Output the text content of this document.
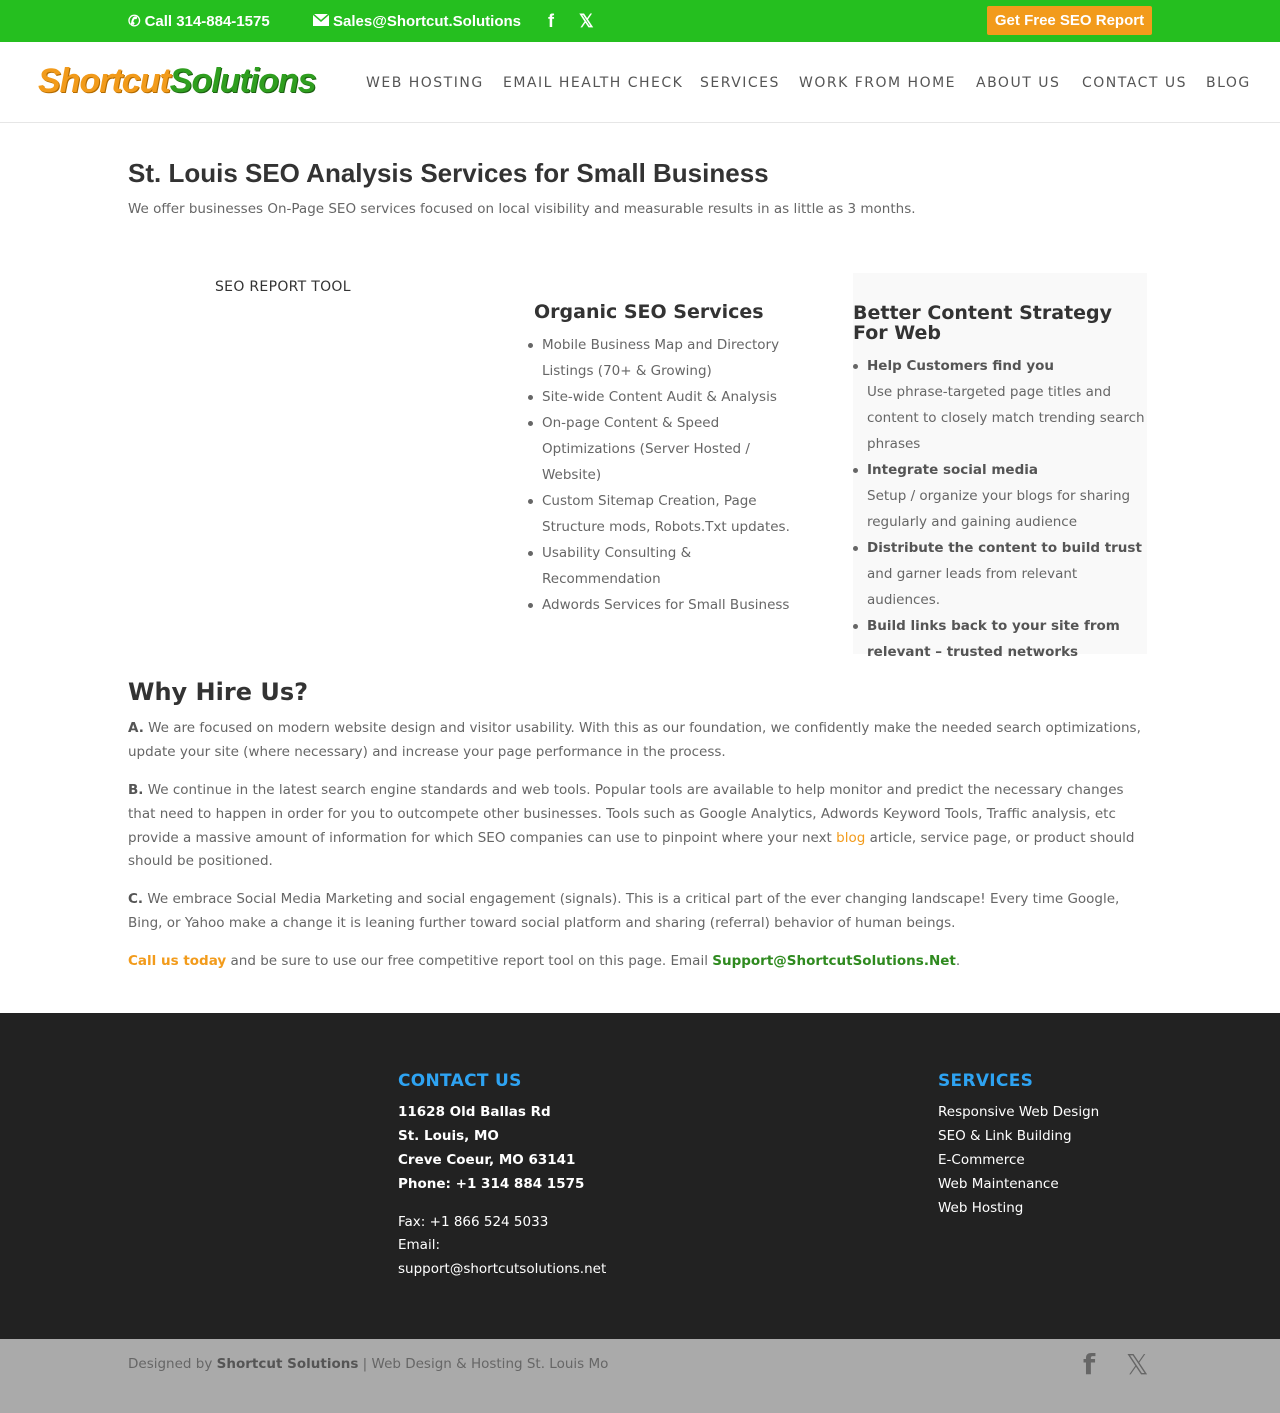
✆ Call 314-884-1575	Sales@Shortcut.Solutions f 𝕏	Get Free SEO Report
ShortcutSolutions	WEB HOSTING EMAIL HEALTH CHECK SERVICES WORK FROM HOME ABOUT US CONTACT US BLOG
St. Louis SEO Analysis Services for Small Business

We offer businesses On-Page SEO services focused on local visibility and measurable results in as little as 3 months.

SEO REPORT TOOL
Organic SEO Services
Mobile Business Map and Directory Listings (70+ & Growing)
Site-wide Content Audit & Analysis
On-page Content & Speed Optimizations (Server Hosted / Website)
Custom Sitemap Creation, Page Structure mods, Robots.Txt updates.
Usability Consulting & Recommendation
Adwords Services for Small Business
Better Content Strategy For Web
Help Customers find you
Use phrase-targeted page titles and content to closely match trending search phrases
Integrate social media
Setup / organize your blogs for sharing regularly and gaining audience
Distribute the content to build trust and garner leads from relevant audiences.
Build links back to your site from relevant – trusted networks
Why Hire Us?

A. We are focused on modern website design and visitor usability. With this as our foundation, we confidently make the needed search optimizations, update your site (where necessary) and increase your page performance in the process.

B. We continue in the latest search engine standards and web tools. Popular tools are available to help monitor and predict the necessary changes that need to happen in order for you to outcompete other businesses. Tools such as Google Analytics, Adwords Keyword Tools, Traffic analysis, etc provide a massive amount of information for which SEO companies can use to pinpoint where your next blog article, service page, or product should should be positioned.

C. We embrace Social Media Marketing and social engagement (signals). This is a critical part of the ever changing landscape! Every time Google, Bing, or Yahoo make a change it is leaning further toward social platform and sharing (referral) behavior of human beings.

Call us today and be sure to use our free competitive report tool on this page. Email Support@ShortcutSolutions.Net.

CONTACT US
11628 Old Ballas Rd
St. Louis, MO
Creve Coeur, MO 63141
Phone: +1 314 884 1575
Fax: +1 866 524 5033
Email:
support@shortcutsolutions.net
SERVICES
Responsive Web Design
SEO & Link Building
E-Commerce
Web Maintenance
Web Hosting
Designed by Shortcut Solutions | Web Design & Hosting St. Louis Mo	f 𝕏
